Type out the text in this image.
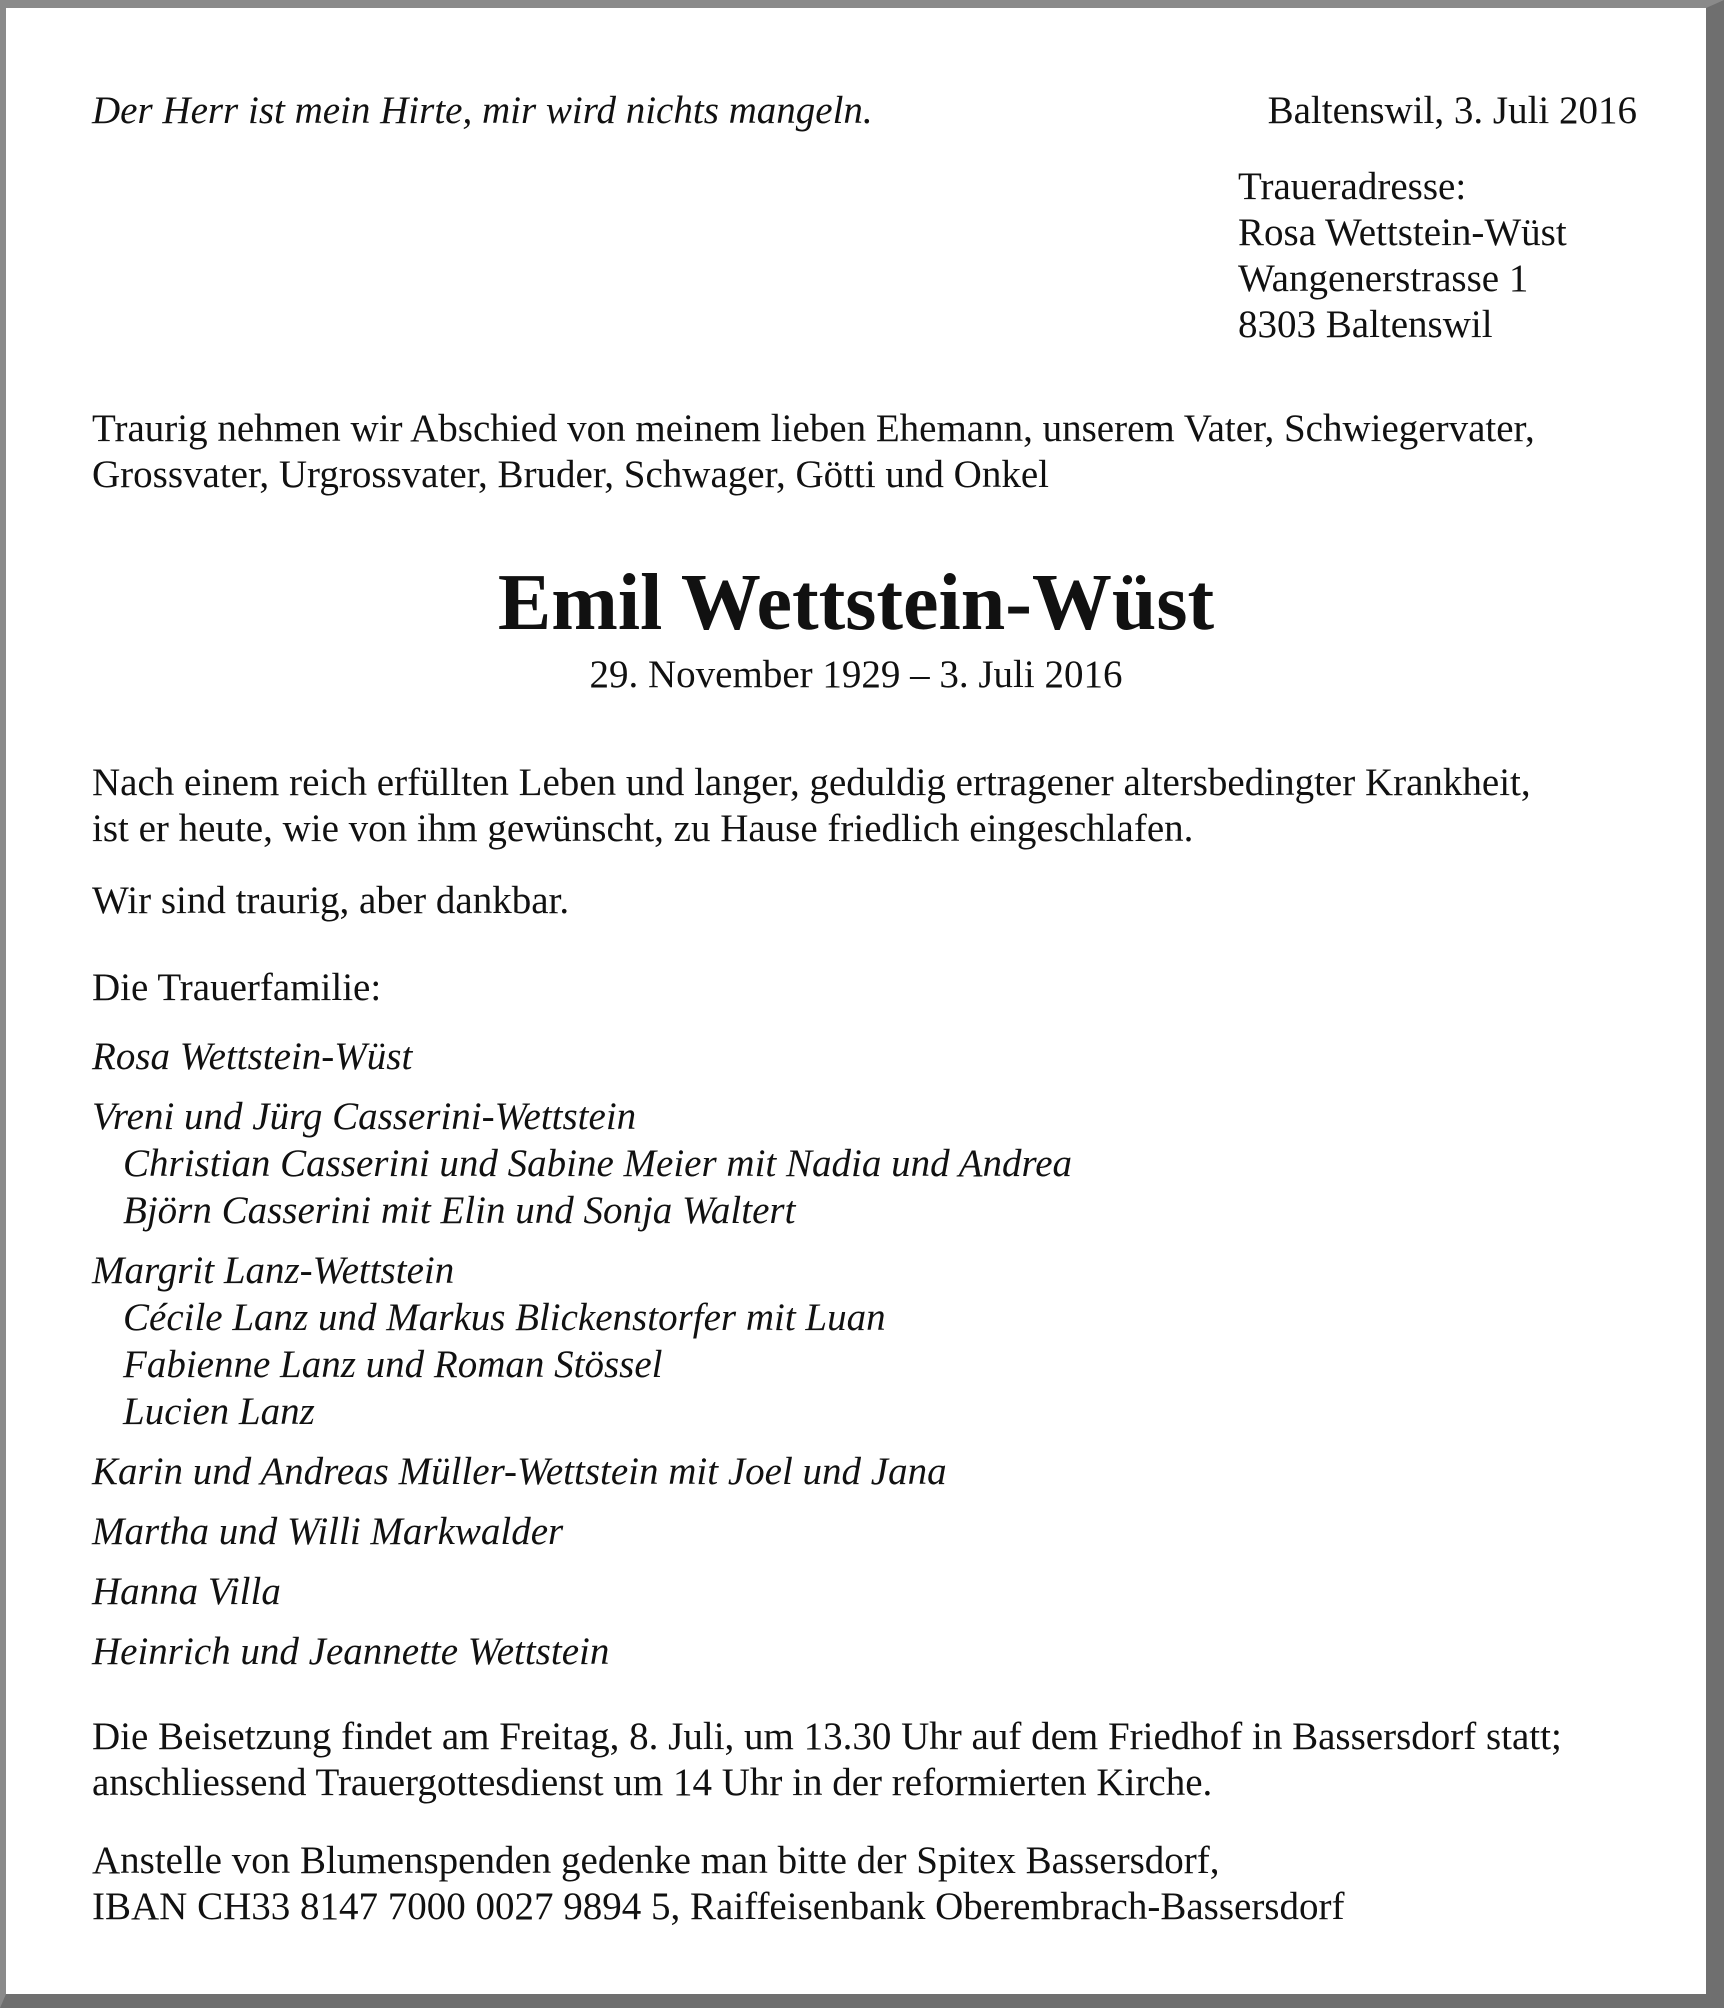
Der Herr ist mein Hirte, mir wird nichts mangeln.	Baltenswil, 3. Juli 2016
Traueradresse:
Rosa Wettstein-Wüst
Wangenerstrasse 1
8303 Baltenswil
Traurig nehmen wir Abschied von meinem lieben Ehemann, unserem Vater, Schwiegervater,
Grossvater, Urgrossvater, Bruder, Schwager, Götti und Onkel
Emil Wettstein-Wüst
29. November 1929 – 3. Juli 2016
Nach einem reich erfüllten Leben und langer, geduldig ertragener altersbedingter Krankheit,
ist er heute, wie von ihm gewünscht, zu Hause friedlich eingeschlafen.
Wir sind traurig, aber dankbar.
Die Trauerfamilie:
Rosa Wettstein-Wüst
Vreni und Jürg Casserini-Wettstein
Christian Casserini und Sabine Meier mit Nadia und Andrea
Björn Casserini mit Elin und Sonja Waltert
Margrit Lanz-Wettstein
Cécile Lanz und Markus Blickenstorfer mit Luan
Fabienne Lanz und Roman Stössel
Lucien Lanz
Karin und Andreas Müller-Wettstein mit Joel und Jana
Martha und Willi Markwalder
Hanna Villa
Heinrich und Jeannette Wettstein
Die Beisetzung findet am Freitag, 8. Juli, um 13.30 Uhr auf dem Friedhof in Bassersdorf statt;
anschliessend Trauergottesdienst um 14 Uhr in der reformierten Kirche.
Anstelle von Blumenspenden gedenke man bitte der Spitex Bassersdorf,
IBAN CH33 8147 7000 0027 9894 5, Raiffeisenbank Oberembrach-Bassersdorf
